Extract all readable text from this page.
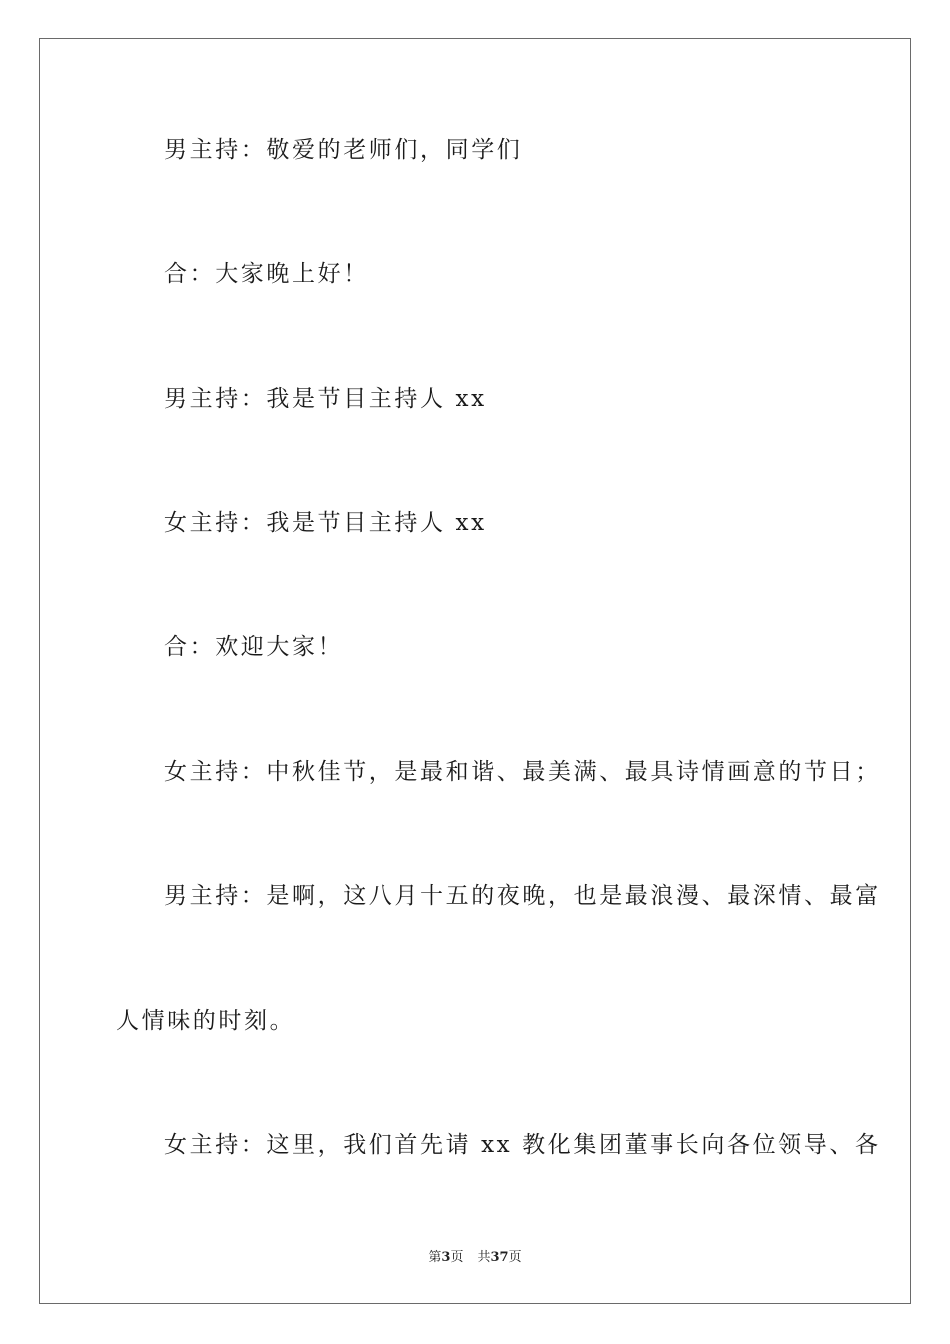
男主持：敬爱的老师们，同学们
合：大家晚上好！
男主持：我是节目主持人 xx
女主持：我是节目主持人 xx
合：欢迎大家！
女主持：中秋佳节，是最和谐、最美满、最具诗情画意的节日；
男主持：是啊，这八月十五的夜晚，也是最浪漫、最深情、最富
人情味的时刻。
女主持：这里，我们首先请 xx 教化集团董事长向各位领导、各
第3页 共37页
